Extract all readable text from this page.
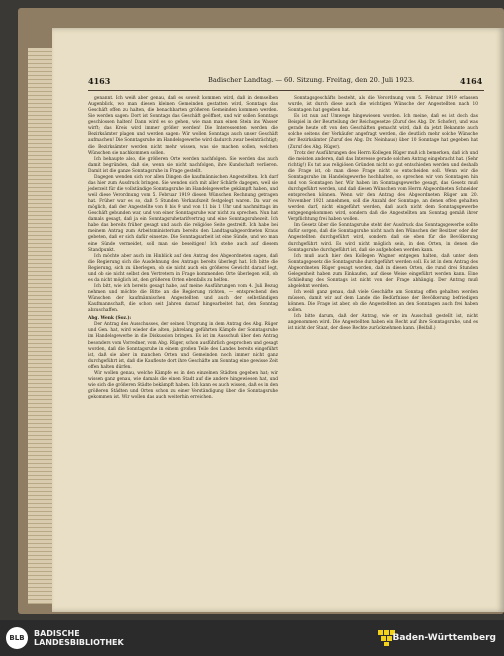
4163	Badischer Landtag. — 60. Sitzung. Freitag, den 20. Juli 1923.	4164

genannt. Ich weiß aber genau, daß es soweit kommen wird, daß in demselben Augenblick, wo man diesen kleinen Gemeinden gestatten wird, Sonntags das Geschäft offen zu halten, die benachbarten größeren Gemeinden kommen werden. Sie werden sagen: Dort ist Sonntags das Geschäft geöffnet, und wir sollen Sonntags geschlossen halten! Dann wird es so gehen, wie man man einen Stein ins Wasser wirft; das Kreis wird immer größer werden! Die Interessenten werden die Bezirksämter plagen und werden sagen: Wir wollen Sonntags auch unser Geschäft aufmachen! Die Sonntagsruhe im Handelsgewerbe wird dadurch zwar beeinträchtigt; die Bezirksämter werden nicht mehr wissen, was sie machen sollen, welchen Wünschen sie nachkommen sollen.

Ich behaupte also, die größeren Orte werden nachfolgen. Sie werden das auch damit begründen, daß sie, wenn sie nicht nachfolgen, ihre Kundschaft verlieren. Damit ist die ganze Sonntagsruhe in Frage gestellt.

Dagegen wenden sich vor allen Dingen die kaufmännischen Angestellten. Ich darf das hier zum Ausdruck bringen. Sie wenden sich mit aller Schärfe dagegen, weil sie jederzeit für die vollständige Sonntagsruhe im Handelsgewerbe gekämpft haben, und weil diese Verordnung vom 5. Februar 1919 diesen Wünschen Rechnung getragen hat. Früher war es so, daß 5 Stunden Verkaufszeit festgelegt waren. Da war es möglich, daß der Angestellte von 8 bis 9 und von 11 bis 1 Uhr und nachmittags im Geschäft gebunden war, und von einer Sonntagsruhe war nicht zu sprechen. Nun hat damals gesagt, daß ja ein Sonntagsruhetarifvertrag und eine Sonntagsruhezeit. Ich habe das bereits früher gesagt und auch die religiöse Seite gestreift. Ich habe bei meinem Antrag zum Arbeitsministerium bereits den Landtagsabgeordneten Kraus gebeten, daß er sich dafür einsetze. Die Sonntagsarbeit ist eine Sünde, und wo man eine Sünde vermeidet, soll man sie beseitigen! Ich stehe auch auf diesem Standpunkt.

Ich möchte aber auch im Hinblick auf den Antrag des Abgeordneten sagen, daß die Regierung sich die Ausdehnung des Antrags bereits überlegt hat. Ich bitte die Regierung, sich zu überlegen, ob sie nicht auch ein größeres Gewicht darauf legt, und ob sie nicht selbst den Vertretern in Frage kommenden Orte überlegen will, ob es da nicht möglich ist, den größeren Orten ebenfalls zu helfen.

Ich bitt, wie ich bereits gesagt habe, auf meine Ausführungen vom 4. Juli Bezug nehmen und möchte die Bitte an die Regierung richten, — entsprechend den Wünschen der kaufmännischen Angestellten und auch der selbständigen Kaufmannschaft, die schon seit Jahren darauf hingearbeitet hat, den Sonntag abzuschaffen.

Abg. Wenk (Soz.):

Der Antrag des Ausschusses, der seinen Ursprung in dem Antrag des Abg. Rüger und Gen. hat, wird wieder die alten, jahrelang geführten Kämpfe der Sonntagsruhe im Handelsgewerbe in die Diskussion bringen. Es ist im Ausschuß über den Antrag besonders vom Vorredner, vom Abg. Rüger, schon ausführlich gesprochen und gesagt worden, daß die Sonntagsruhe in einem großen Teile des Landes bereits eingeführt ist, daß sie aber in manchen Orten und Gemeinden noch immer nicht ganz durchgeführt ist, daß die Kaufleute dort ihre Geschäfte am Sonntag eine gewisse Zeit offen halten dürfen.

Wir wollen genau, welche Kämpfe es in den einzelnen Städten gegeben hat; wir wissen ganz genau, wie damals die einen Stadt auf die andere hingewiesen hat, und wie sich die größeren Städte bekämpft haben. Ich kann es auch wissen, daß es in den größeren Städten und Orten schon zu einer Verständigung über die Sonntagsruhe gekommen ist. Wir wollen das auch weiterhin erreichen.

Sonntagsgeschäfts besteht, als die Verordnung vom 5. Februar 1919 erlassen wurde, ist durch diese auch die wichtigen Wünsche der Angestellten nach 10 Sonntagen hat gegeben hat.

Es ist nun auf Umwege hingewiesen worden. Ich meine, daß es ist doch das Beispiel in der Beurteilung der Reichsgesetze (Zuruf des Abg. Dr. Schofer), und was gerade heute oft von den Geschäften gemacht wird, daß da jetzt Bekannte auch solche seitens der Verkäufer angefragt werden, die deutlich mehr solche Wünsche der Bezirksämter (Zuruf des Abg. Dr. Neinhaus) über 10 Sonntage hat gegeben hat (Zuruf des Abg. Rüger).

Trotz der Ausführungen des Herrn Kollegen Rüger muß ich bemerken, daß ich und die meisten anderen, daß das Interesse gerade solchen Antrag eingebracht hat. (Sehr richtig!) Es tut aus religiösen Gründen nicht so gut entschieden werden und deshalb die Frage ist, ob man diese Frage nicht so entscheiden soll. Wenn wir die Sonntagsruhe im Handelsgewerbe hochhalten, so sprechen wir von Sonntagen hin und von Sonntagen her. Wir haben im Sonntagsgewerbe gesagt, das Gesetz muß durchgeführt werden, und daß diesen Wünschen vom Herrn Abgeordneten Schneider entsprechen können. Wenn wir den Antrag des Abgeordneten Rüger am 20. November 1921 annehmen, soll die Anzahl der Sonntage, an denen offen gehalten werden darf, nicht eingeführt werden, daß auch nicht dem Sonntagsgewerbe entgegengekommen wird, sondern daß die Angestellten am Sonntag gemäß ihrer Verpflichtung frei haben wollen.

Im Gesetz über die Sonntagsruhe steht der Ausdruck das Sonntagsgewerbe sollte dafür sorgen, daß die Sonntagsruhe nicht nach den Wünschen der Besitzer oder der Angestellten durchgeführt wird, sondern daß sie eben für die Bevölkerung durchgeführt wird. Es wird nicht möglich sein, in den Orten, in denen die Sonntagsruhe durchgeführt ist, daß sie aufgehoben werden kann.

Ich muß auch hier den Kollegen Wagner entgegen halten, daß unter dem Sonntagsgesetz die Sonntagsruhe durchgeführt werden soll. Es ist in dem Antrag des Abgeordneten Rüger gesagt worden, daß in diesen Orten, die rund drei Stunden Gelegenheit haben zum Einkaufen, auf diese Weise eingeführt werden kann. Eine Schließung des Sonntags ist nicht von der Frage abhängig. Der Antrag muß abgelehnt werden.

Ich weiß ganz genau, daß viele Geschäfte am Sonntag offen gehalten werden müssen, damit wir auf dem Lande die Bedürfnisse der Bevölkerung befriedigen können. Die Frage ist aber, ob die Angestellten an den Sonntagen auch frei haben sollen.

Ich bitte darum, daß der Antrag, wie er im Ausschuß gestellt ist, nicht angenommen wird. Die Angestellten haben ein Recht auf ihre Sonntagsruhe, und es ist nicht der Staat, der diese Rechte zurücknehmen kann. (Beifall.)

BLB	BADISCHE
LANDESBIBLIOTHEK	Baden-Württemberg
